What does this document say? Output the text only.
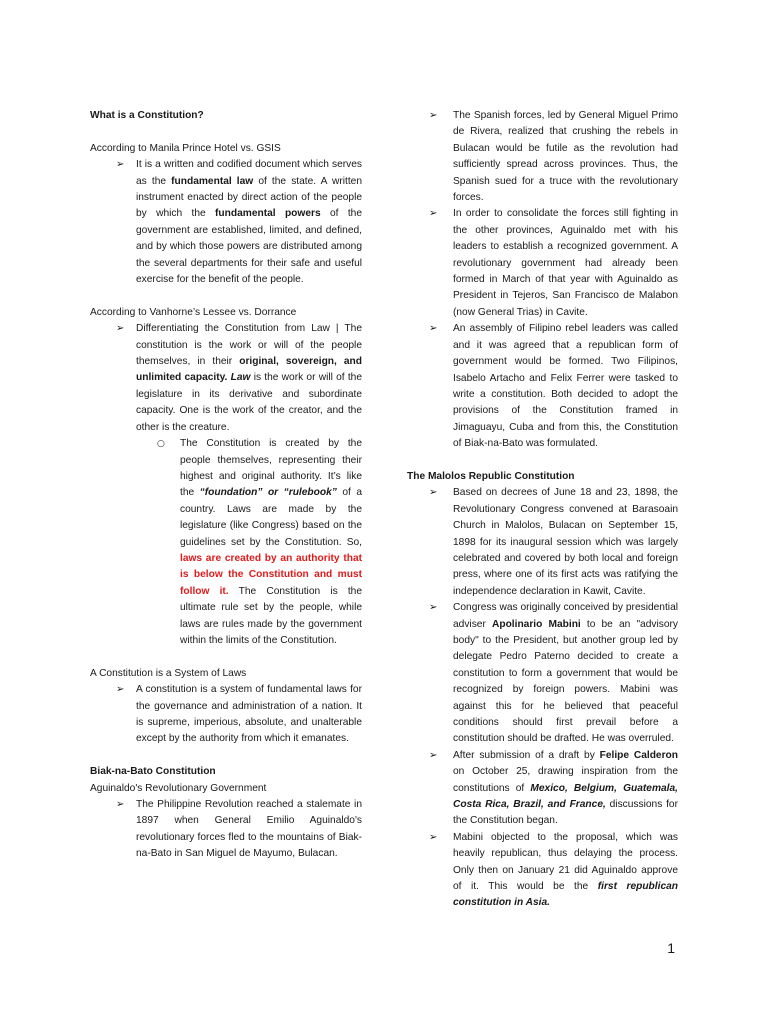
What is a Constitution?

According to Manila Prince Hotel vs. GSIS

➢ It is a written and codified document which serves as the fundamental law of the state. A written instrument enacted by direct action of the people by which the fundamental powers of the government are established, limited, and defined, and by which those powers are distributed among the several departments for their safe and useful exercise for the benefit of the people.

According to Vanhorne’s Lessee vs. Dorrance

➢ Differentiating the Constitution from Law | The constitution is the work or will of the people themselves, in their original, sovereign, and unlimited capacity. Law is the work or will of the legislature in its derivative and subordinate capacity. One is the work of the creator, and the other is the creature.

○ The Constitution is created by the people themselves, representing their highest and original authority. It’s like the “foundation” or “rulebook” of a country. Laws are made by the legislature (like Congress) based on the guidelines set by the Constitution. So, laws are created by an authority that is below the Constitution and must follow it. The Constitution is the ultimate rule set by the people, while laws are rules made by the government within the limits of the Constitution.

A Constitution is a System of Laws

➢ A constitution is a system of fundamental laws for the governance and administration of a nation. It is supreme, imperious, absolute, and unalterable except by the authority from which it emanates.

Biak-na-Bato Constitution

Aguinaldo's Revolutionary Government

➢ The Philippine Revolution reached a stalemate in 1897 when General Emilio Aguinaldo's revolutionary forces fled to the mountains of Biak-na-Bato in San Miguel de Mayumo, Bulacan.

➢ The Spanish forces, led by General Miguel Primo de Rivera, realized that crushing the rebels in Bulacan would be futile as the revolution had sufficiently spread across provinces. Thus, the Spanish sued for a truce with the revolutionary forces.

➢ In order to consolidate the forces still fighting in the other provinces, Aguinaldo met with his leaders to establish a recognized government. A revolutionary government had already been formed in March of that year with Aguinaldo as President in Tejeros, San Francisco de Malabon (now General Trias) in Cavite.

➢ An assembly of Filipino rebel leaders was called and it was agreed that a republican form of government would be formed. Two Filipinos, Isabelo Artacho and Felix Ferrer were tasked to write a constitution. Both decided to adopt the provisions of the Constitution framed in Jimaguayu, Cuba and from this, the Constitution of Biak-na-Bato was formulated.

The Malolos Republic Constitution

➢ Based on decrees of June 18 and 23, 1898, the Revolutionary Congress convened at Barasoain Church in Malolos, Bulacan on September 15, 1898 for its inaugural session which was largely celebrated and covered by both local and foreign press, where one of its first acts was ratifying the independence declaration in Kawit, Cavite.

➢ Congress was originally conceived by presidential adviser Apolinario Mabini to be an "advisory body" to the President, but another group led by delegate Pedro Paterno decided to create a constitution to form a government that would be recognized by foreign powers. Mabini was against this for he believed that peaceful conditions should first prevail before a constitution should be drafted. He was overruled.

➢ After submission of a draft by Felipe Calderon on October 25, drawing inspiration from the constitutions of Mexico, Belgium, Guatemala, Costa Rica, Brazil, and France, discussions for the Constitution began.

➢ Mabini objected to the proposal, which was heavily republican, thus delaying the process. Only then on January 21 did Aguinaldo approve of it. This would be the first republican constitution in Asia.

1
